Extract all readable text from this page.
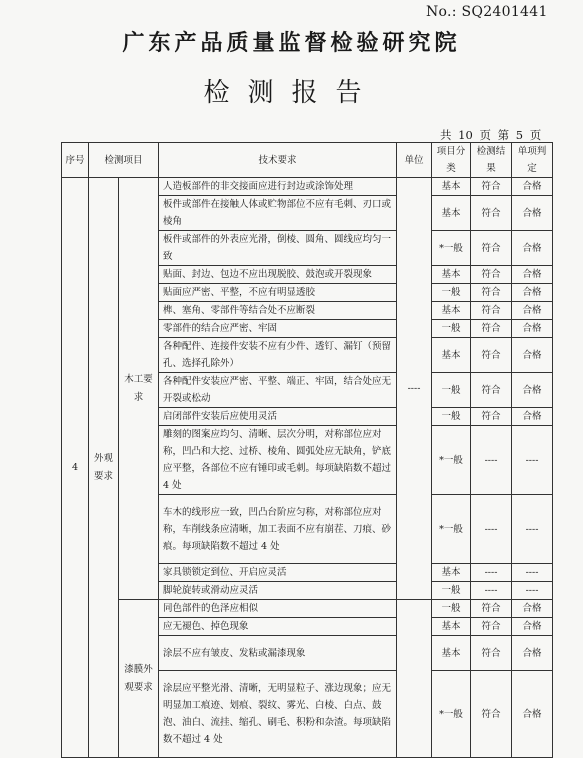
No.: SQ2401441
广东产品质量监督检验研究院
检测报告
共 10 页 第 5 页
序号	检测项目		技术要求	单位	项目分类	检测结果	单项判定
4	外观要求	木工要求	人造板部件的非交接面应进行封边或涂饰处理	----	基本	符合	合格
			板件或部件在接触人体或贮物部位不应有毛刺、刃口或棱角		基本	符合	合格
			板件或部件的外表应光滑，倒棱、圆角、圆线应均匀一致		*一般	符合	合格
			贴面、封边、包边不应出现脱胶、鼓泡或开裂现象		基本	符合	合格
			贴面应严密、平整，不应有明显透胶		一般	符合	合格
			榫、塞角、零部件等结合处不应断裂		基本	符合	合格
			零部件的结合应严密、牢固		一般	符合	合格
			各种配件、连接件安装不应有少件、透钉、漏钉（预留孔、选择孔除外）		基本	符合	合格
			各种配件安装应严密、平整、端正、牢固，结合处应无开裂或松动		一般	符合	合格
			启闭部件安装后应使用灵活		一般	符合	合格
			雕刻的图案应均匀、清晰、层次分明，对称部位应对称，凹凸和大挖、过桥、棱角、圆弧处应无缺角，铲底应平整，各部位不应有锤印或毛刺。每项缺陷数不超过 4 处		*一般	----	----
			车木的线形应一致，凹凸台阶应匀称，对称部位应对称，车削线条应清晰，加工表面不应有崩茬、刀痕、砂痕。每项缺陷数不超过 4 处		*一般	----	----
			家具锁锁定到位、开启应灵活		基本	----	----
			脚轮旋转或滑动应灵活		一般	----	----
		漆膜外观要求	同色部件的色泽应相似		一般	符合	合格
			应无褪色、掉色现象		基本	符合	合格
			涂层不应有皱皮、发粘或漏漆现象		基本	符合	合格
			涂层应平整光滑、清晰，无明显粒子、涨边现象；应无明显加工痕迹、划痕、裂纹、雾光、白棱、白点、鼓泡、油白、流挂、缩孔、刷毛、积粉和杂渣。每项缺陷数不超过 4 处		*一般	符合	合格
